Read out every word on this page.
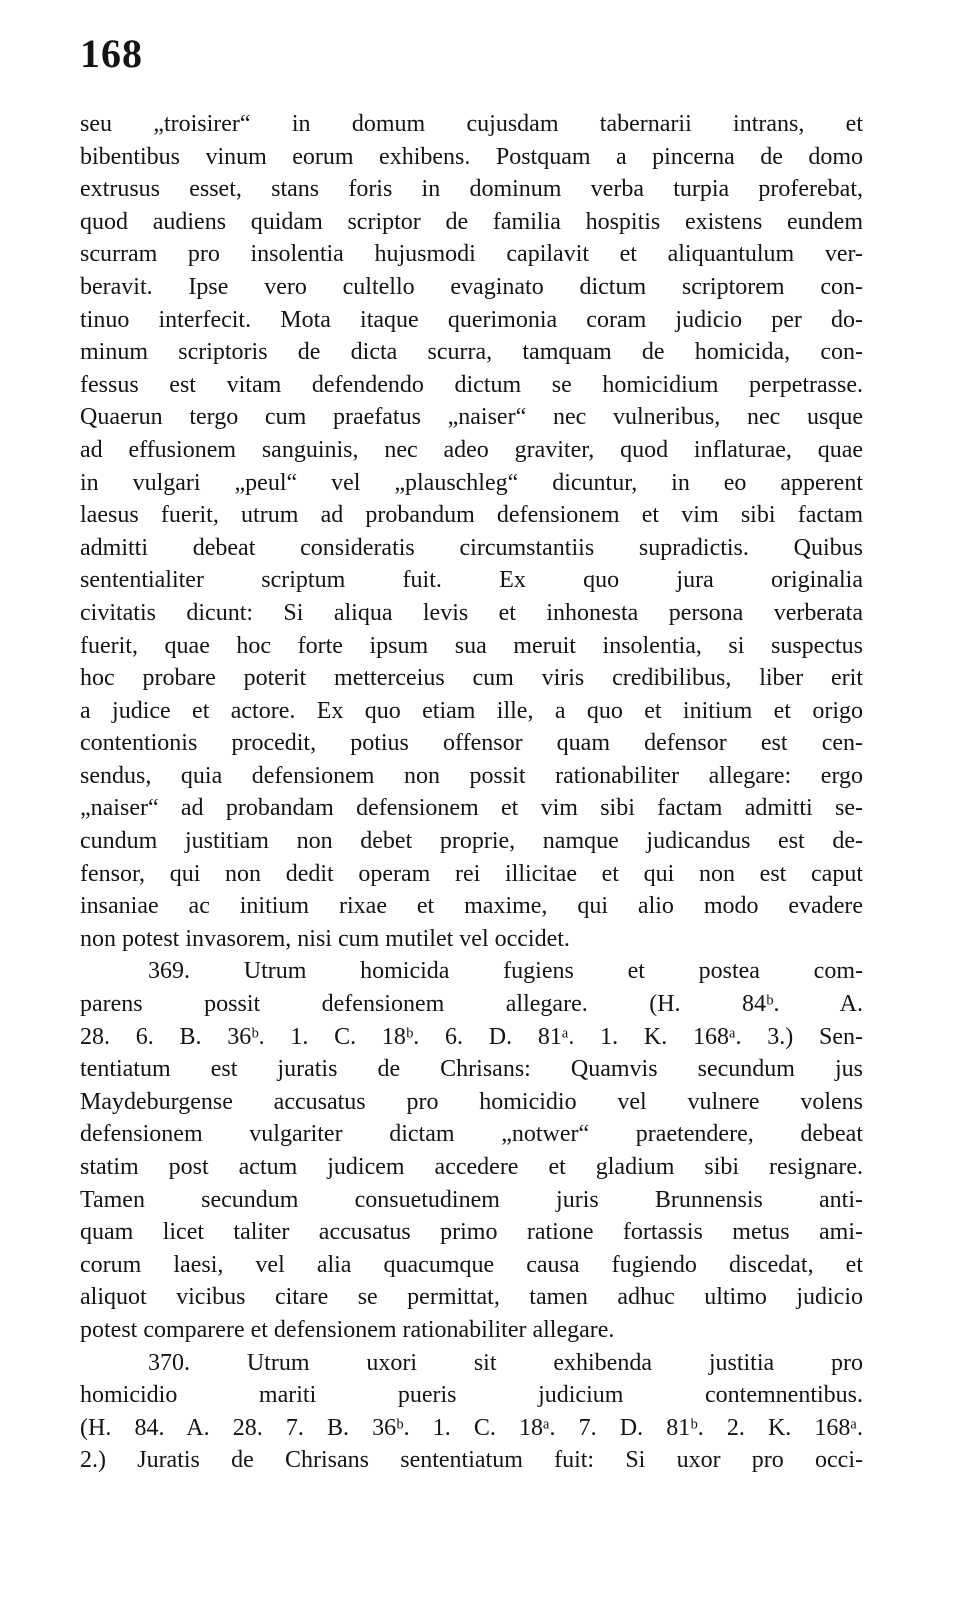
168
seu „troisirer“ in domum cujusdam tabernarii intrans, et
bibentibus vinum eorum exhibens. Postquam a pincerna de domo
extrusus esset, stans foris in dominum verba turpia proferebat,
quod audiens quidam scriptor de familia hospitis existens eundem
scurram pro insolentia hujusmodi capilavit et aliquantulum ver-
beravit. Ipse vero cultello evaginato dictum scriptorem con-
tinuo interfecit. Mota itaque querimonia coram judicio per do-
minum scriptoris de dicta scurra, tamquam de homicida, con-
fessus est vitam defendendo dictum se homicidium perpetrasse.
Quaerun tergo cum praefatus „naiser“ nec vulneribus, nec usque
ad effusionem sanguinis, nec adeo graviter, quod inflaturae, quae
in vulgari „peul“ vel „plauschleg“ dicuntur, in eo apperent
laesus fuerit, utrum ad probandum defensionem et vim sibi factam
admitti debeat consideratis circumstantiis supradictis. Quibus
sententialiter scriptum fuit. Ex quo jura originalia
civitatis dicunt: Si aliqua levis et inhonesta persona verberata
fuerit, quae hoc forte ipsum sua meruit insolentia, si suspectus
hoc probare poterit metterceius cum viris credibilibus, liber erit
a judice et actore. Ex quo etiam ille, a quo et initium et origo
contentionis procedit, potius offensor quam defensor est cen-
sendus, quia defensionem non possit rationabiliter allegare: ergo
„naiser“ ad probandam defensionem et vim sibi factam admitti se-
cundum justitiam non debet proprie, namque judicandus est de-
fensor, qui non dedit operam rei illicitae et qui non est caput
insaniae ac initium rixae et maxime, qui alio modo evadere
non potest invasorem, nisi cum mutilet vel occidet.
369. Utrum homicida fugiens et postea com-
parens possit defensionem allegare. (H. 84ᵇ. A.
28. 6. B. 36ᵇ. 1. C. 18ᵇ. 6. D. 81ᵃ. 1. K. 168ᵃ. 3.) Sen-
tentiatum est juratis de Chrisans: Quamvis secundum jus
Maydeburgense accusatus pro homicidio vel vulnere volens
defensionem vulgariter dictam „notwer“ praetendere, debeat
statim post actum judicem accedere et gladium sibi resignare.
Tamen secundum consuetudinem juris Brunnensis anti-
quam licet taliter accusatus primo ratione fortassis metus ami-
corum laesi, vel alia quacumque causa fugiendo discedat, et
aliquot vicibus citare se permittat, tamen adhuc ultimo judicio
potest comparere et defensionem rationabiliter allegare.
370. Utrum uxori sit exhibenda justitia pro
homicidio mariti pueris judicium contemnentibus.
(H. 84. A. 28. 7. B. 36ᵇ. 1. C. 18ᵃ. 7. D. 81ᵇ. 2. K. 168ᵃ.
2.) Juratis de Chrisans sententiatum fuit: Si uxor pro occi-
